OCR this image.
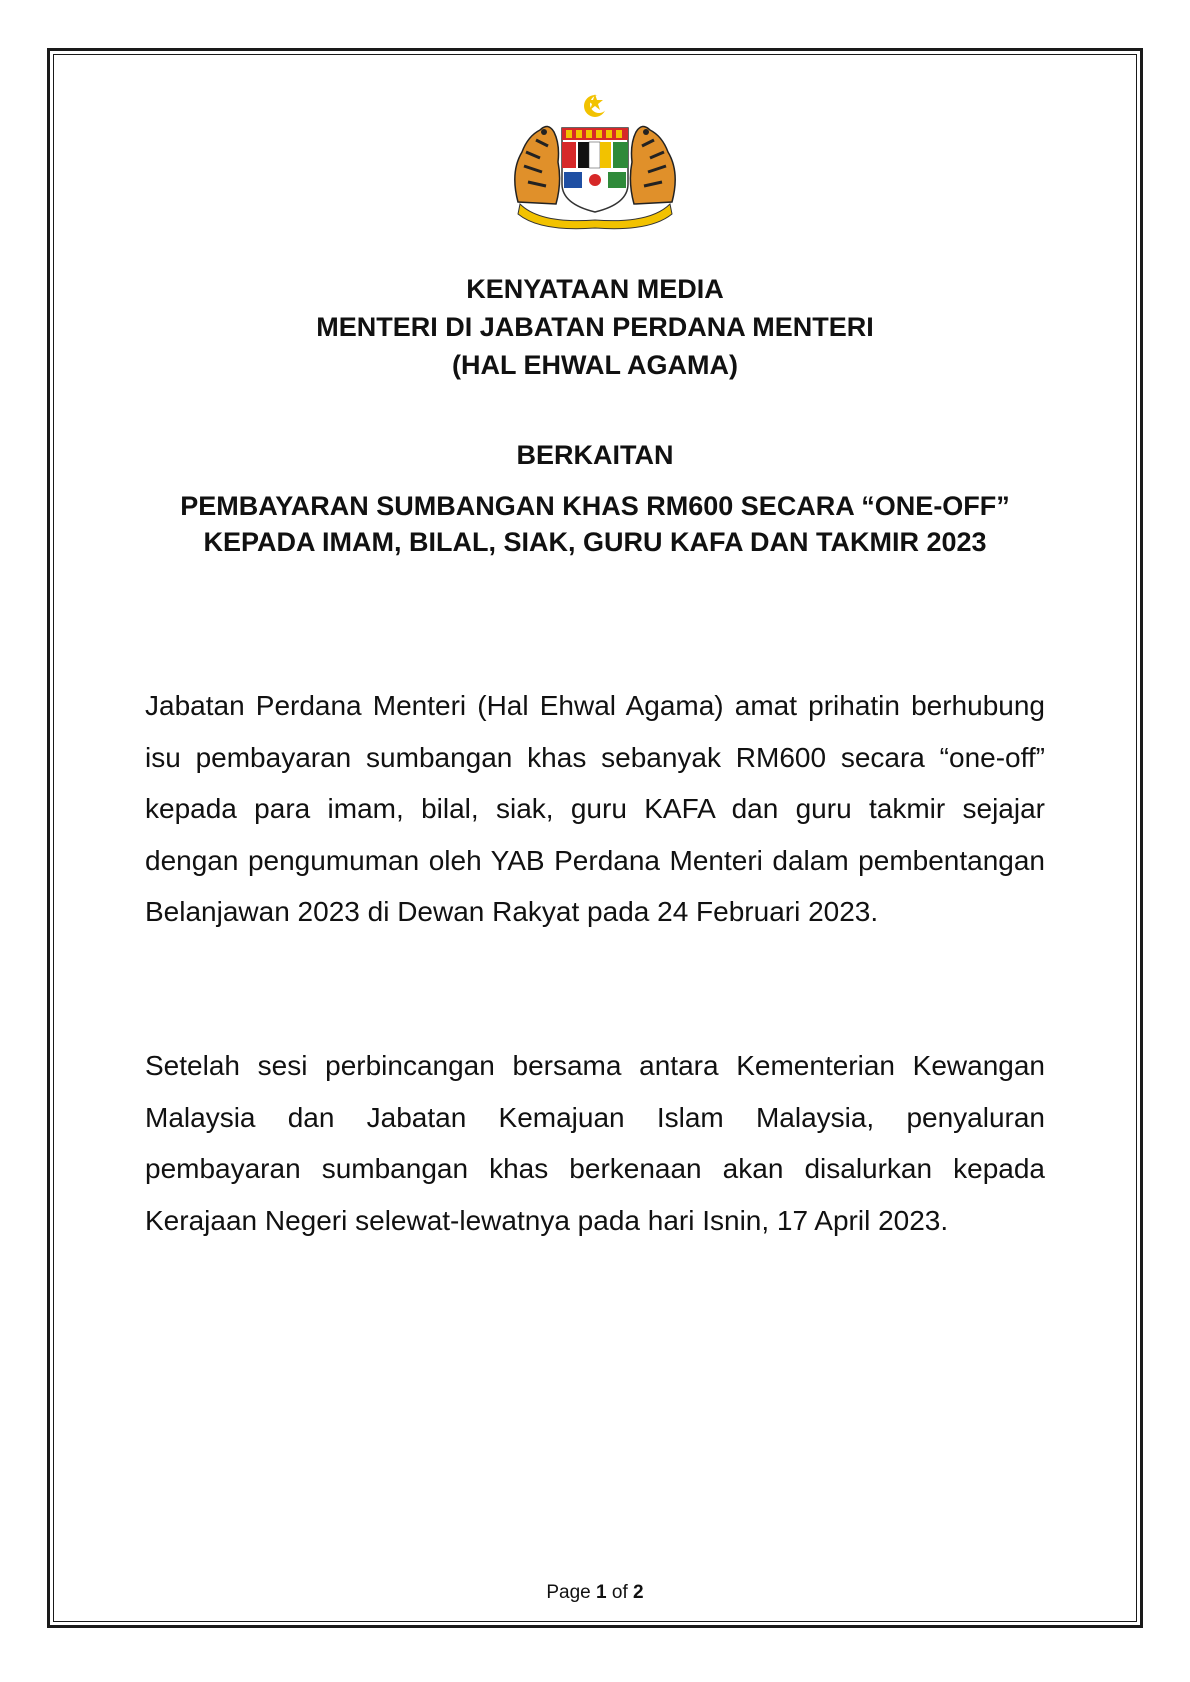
KENYATAAN MEDIA

MENTERI DI JABATAN PERDANA MENTERI

(HAL EHWAL AGAMA)

BERKAITAN

PEMBAYARAN SUMBANGAN KHAS RM600 SECARA “ONE-OFF” KEPADA IMAM, BILAL, SIAK, GURU KAFA DAN TAKMIR 2023

Jabatan Perdana Menteri (Hal Ehwal Agama) amat prihatin berhubung isu pembayaran sumbangan khas sebanyak RM600 secara “one-off” kepada para imam, bilal, siak, guru KAFA dan guru takmir sejajar dengan pengumuman oleh YAB Perdana Menteri dalam pembentangan Belanjawan 2023 di Dewan Rakyat pada 24 Februari 2023.

Setelah sesi perbincangan bersama antara Kementerian Kewangan Malaysia dan Jabatan Kemajuan Islam Malaysia, penyaluran pembayaran sumbangan khas berkenaan akan disalurkan kepada Kerajaan Negeri selewat-lewatnya pada hari Isnin, 17 April 2023.

Page 1 of 2
